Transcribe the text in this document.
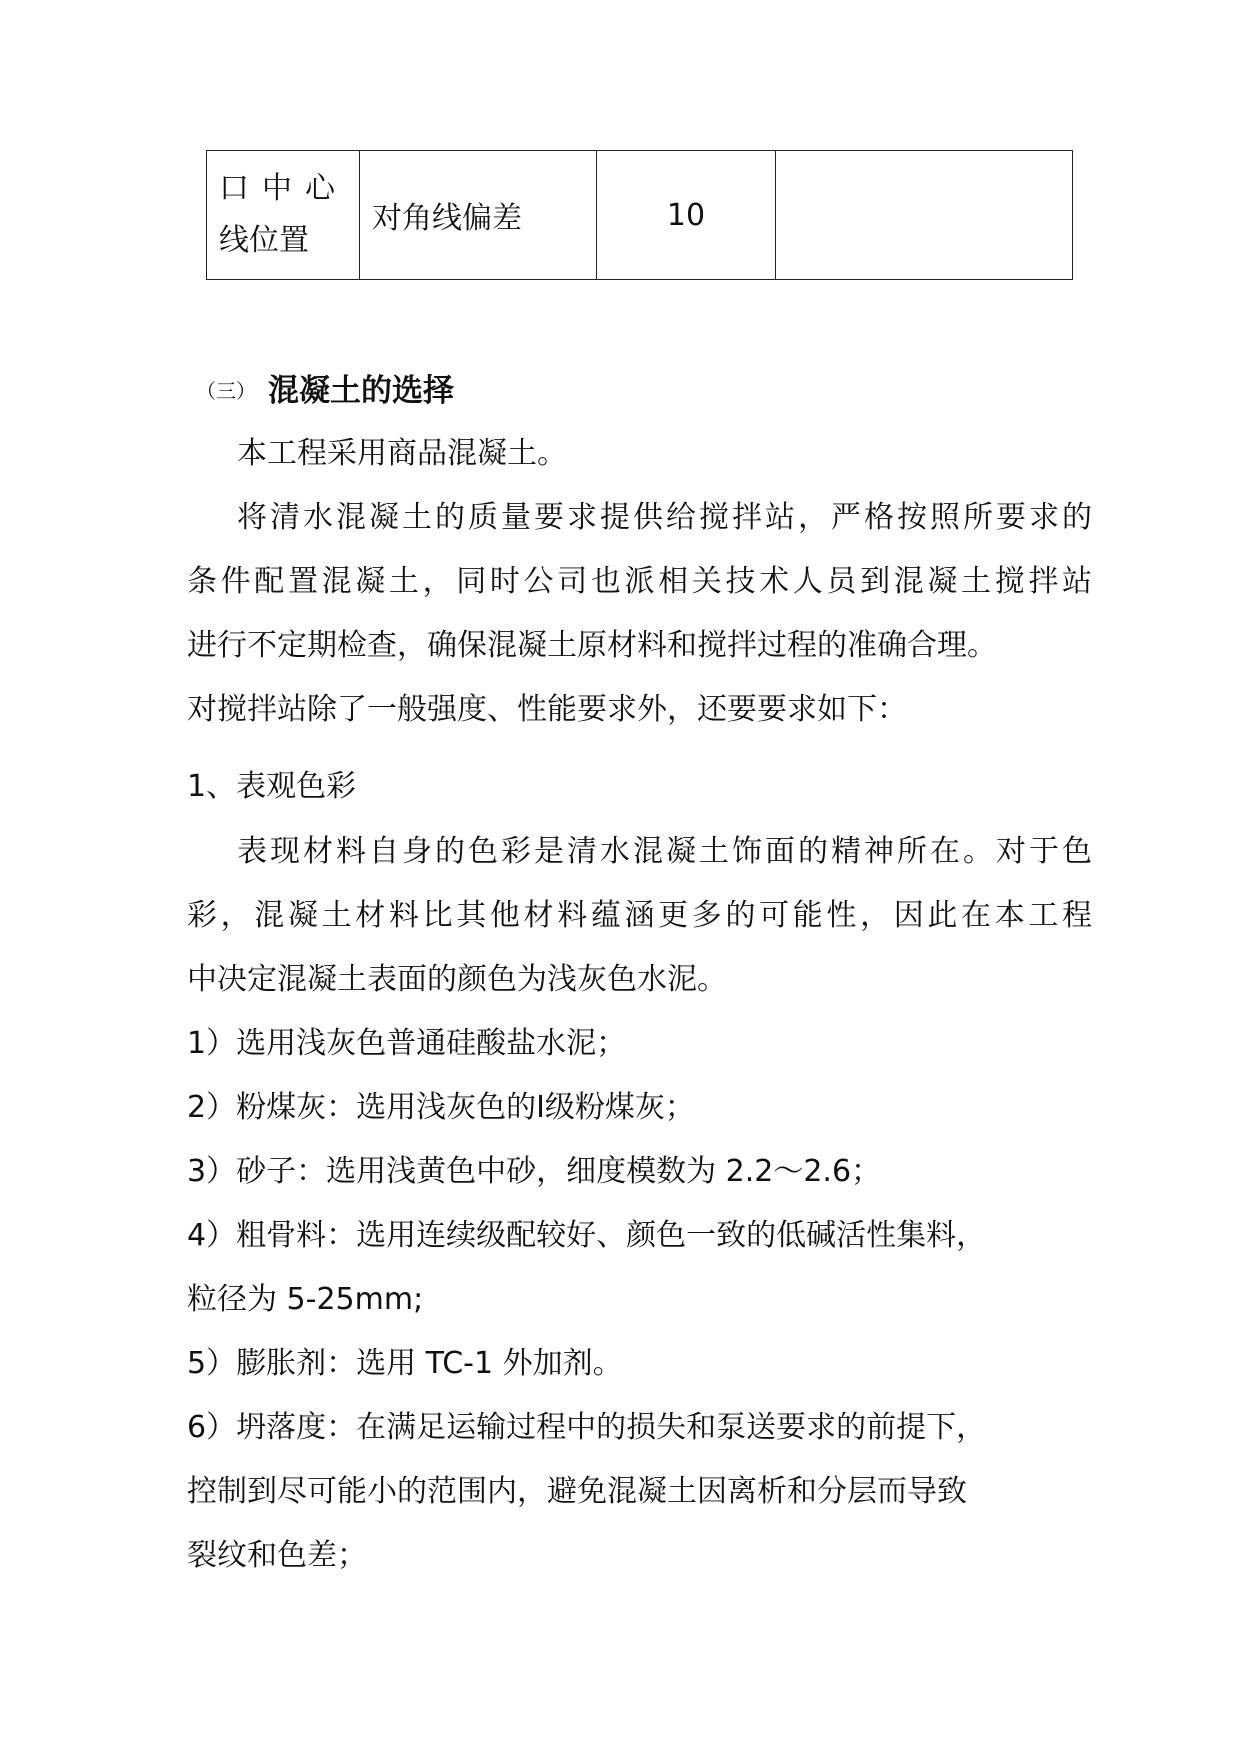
口中心
线位置
	对角线偏差	10	
（三） 混凝土的选择

本工程采用商品混凝土。

将清水混凝土的质量要求提供给搅拌站，严格按照所要求的

条件配置混凝土，同时公司也派相关技术人员到混凝土搅拌站

进行不定期检查，确保混凝土原材料和搅拌过程的准确合理。

对搅拌站除了一般强度、性能要求外，还要要求如下：

1、表观色彩

表现材料自身的色彩是清水混凝土饰面的精神所在。对于色

彩，混凝土材料比其他材料蕴涵更多的可能性，因此在本工程

中决定混凝土表面的颜色为浅灰色水泥。

1）选用浅灰色普通硅酸盐水泥；

2）粉煤灰：选用浅灰色的Ⅰ级粉煤灰；

3）砂子：选用浅黄色中砂，细度模数为 2.2～2.6；

4）粗骨料：选用连续级配较好、颜色一致的低碱活性集料，

粒径为 5-25mm;

5）膨胀剂：选用 TC-1 外加剂。

6）坍落度：在满足运输过程中的损失和泵送要求的前提下，

控制到尽可能小的范围内，避免混凝土因离析和分层而导致

裂纹和色差；
